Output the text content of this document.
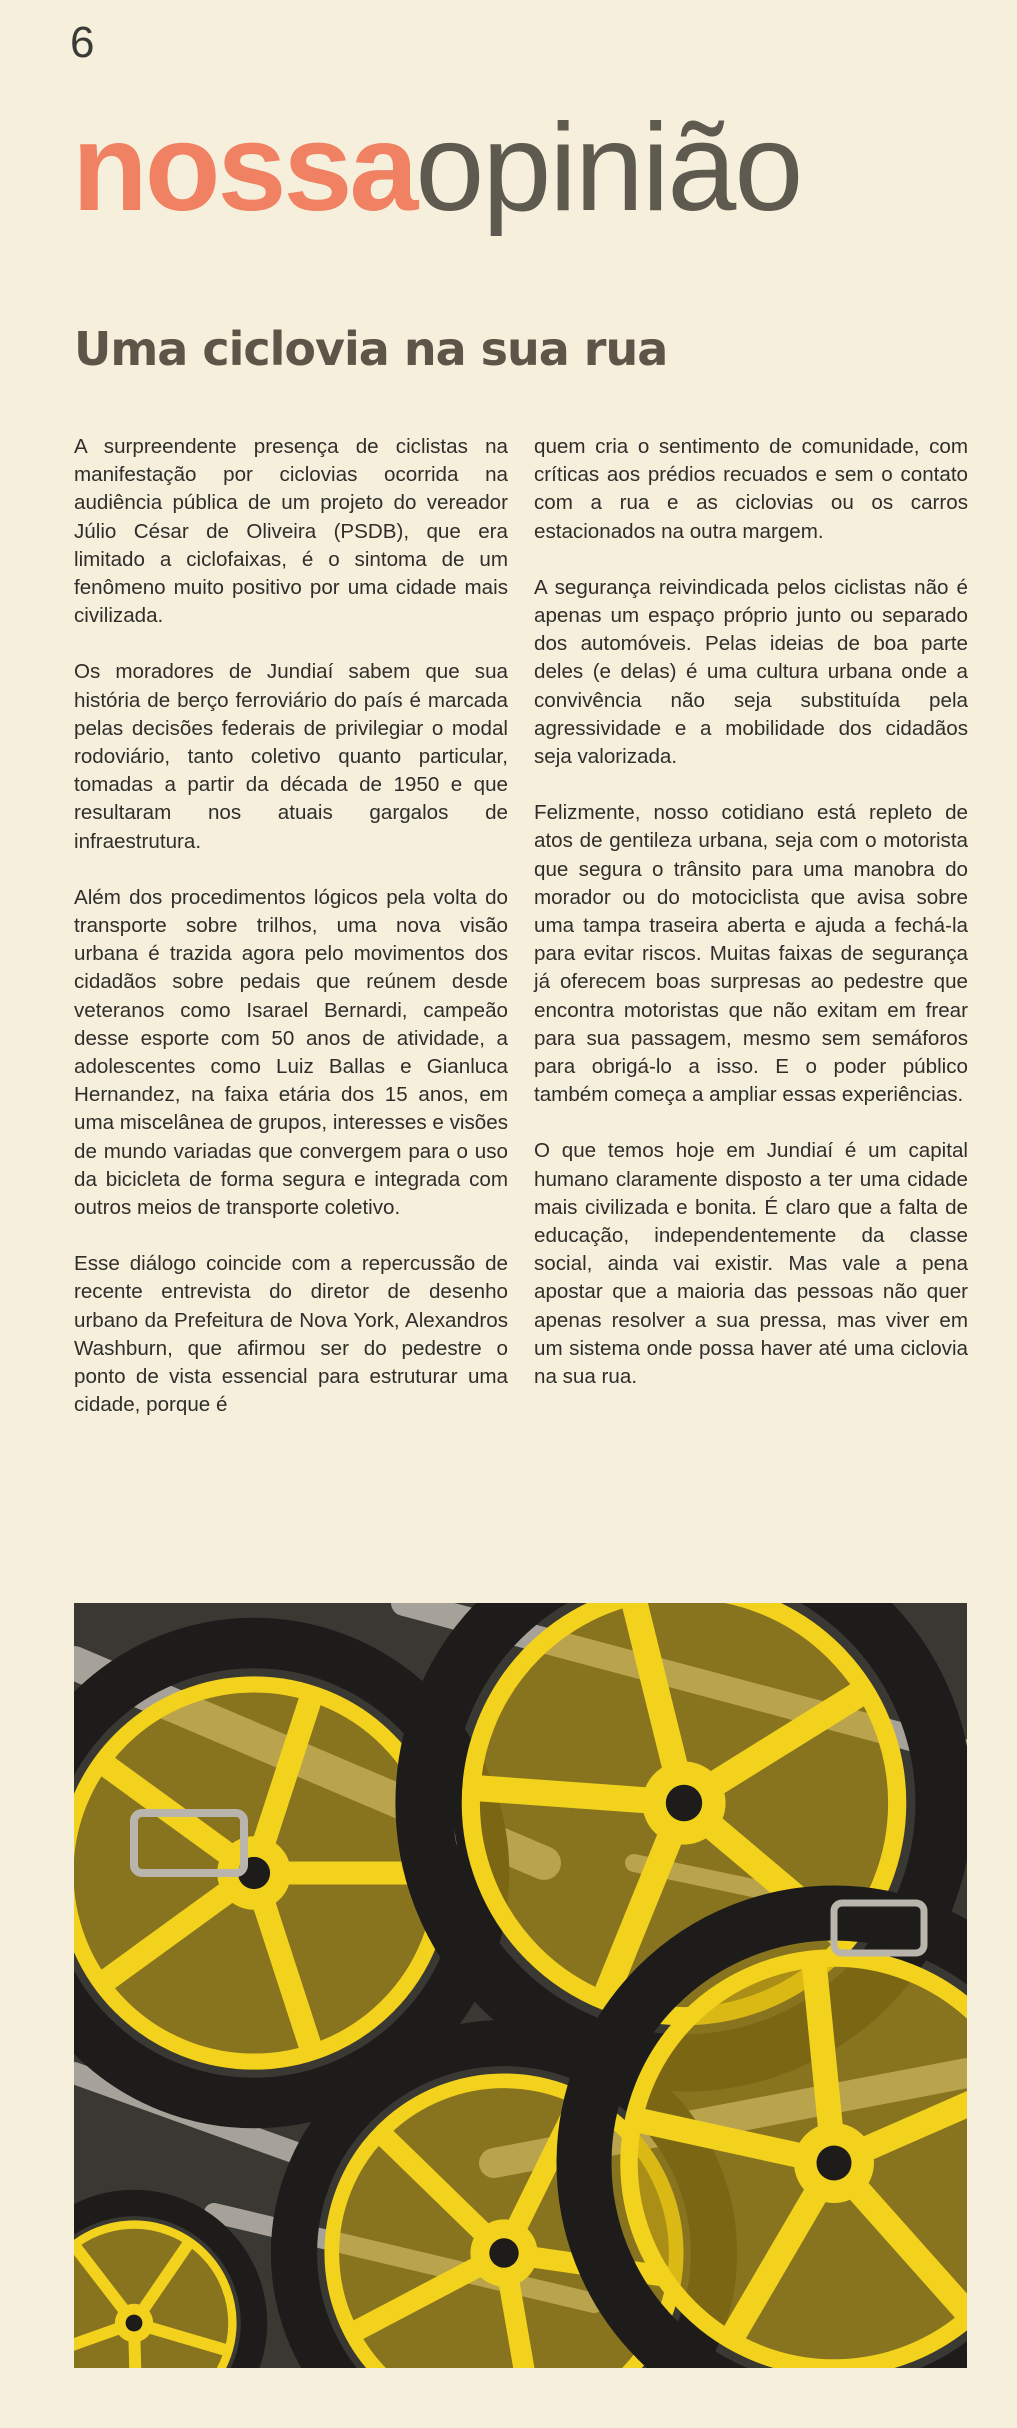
6
nossaopinião
Uma ciclovia na sua rua

A surpreendente presença de ciclistas na manifestação por ciclovias ocorrida na audiência pública de um projeto do vereador Júlio César de Oliveira (PSDB), que era limitado a ciclofaixas, é o sintoma de um fenômeno muito positivo por uma cidade mais civilizada.

Os moradores de Jundiaí sabem que sua história de berço ferroviário do país é marcada pelas decisões federais de privilegiar o modal rodoviário, tanto coletivo quanto particular, tomadas a partir da década de 1950 e que resultaram nos atuais gargalos de infraestrutura.

Além dos procedimentos lógicos pela volta do transporte sobre trilhos, uma nova visão urbana é trazida agora pelo movimentos dos cidadãos sobre pedais que reúnem desde veteranos como Isarael Bernardi, campeão desse esporte com 50 anos de atividade, a adolescentes como Luiz Ballas e Gianluca Hernandez, na faixa etária dos 15 anos, em uma miscelânea de grupos, interesses e visões de mundo variadas que convergem para o uso da bicicleta de forma segura e integrada com outros meios de transporte coletivo.

Esse diálogo coincide com a repercussão de recente entrevista do diretor de desenho urbano da Prefeitura de Nova York, Alexandros Washburn, que afirmou ser do pedestre o ponto de vista essencial para estruturar uma cidade, porque é

quem cria o sentimento de comunidade, com críticas aos prédios recuados e sem o contato com a rua e as ciclovias ou os carros estacionados na outra margem.

A segurança reivindicada pelos ciclistas não é apenas um espaço próprio junto ou separado dos automóveis. Pelas ideias de boa parte deles (e delas) é uma cultura urbana onde a convivência não seja substituída pela agressividade e a mobilidade dos cidadãos seja valorizada.

Felizmente, nosso cotidiano está repleto de atos de gentileza urbana, seja com o motorista que segura o trânsito para uma manobra do morador ou do motociclista que avisa sobre uma tampa traseira aberta e ajuda a fechá-la para evitar riscos. Muitas faixas de segurança já oferecem boas surpresas ao pedestre que encontra motoristas que não exitam em frear para sua passagem, mesmo sem semáforos para obrigá-lo a isso. E o poder público também começa a ampliar essas experiências.

O que temos hoje em Jundiaí é um capital humano claramente disposto a ter uma cidade mais civilizada e bonita. É claro que a falta de educação, independentemente da classe social, ainda vai existir. Mas vale a pena apostar que a maioria das pessoas não quer apenas resolver a sua pressa, mas viver em um sistema onde possa haver até uma ciclovia na sua rua.
